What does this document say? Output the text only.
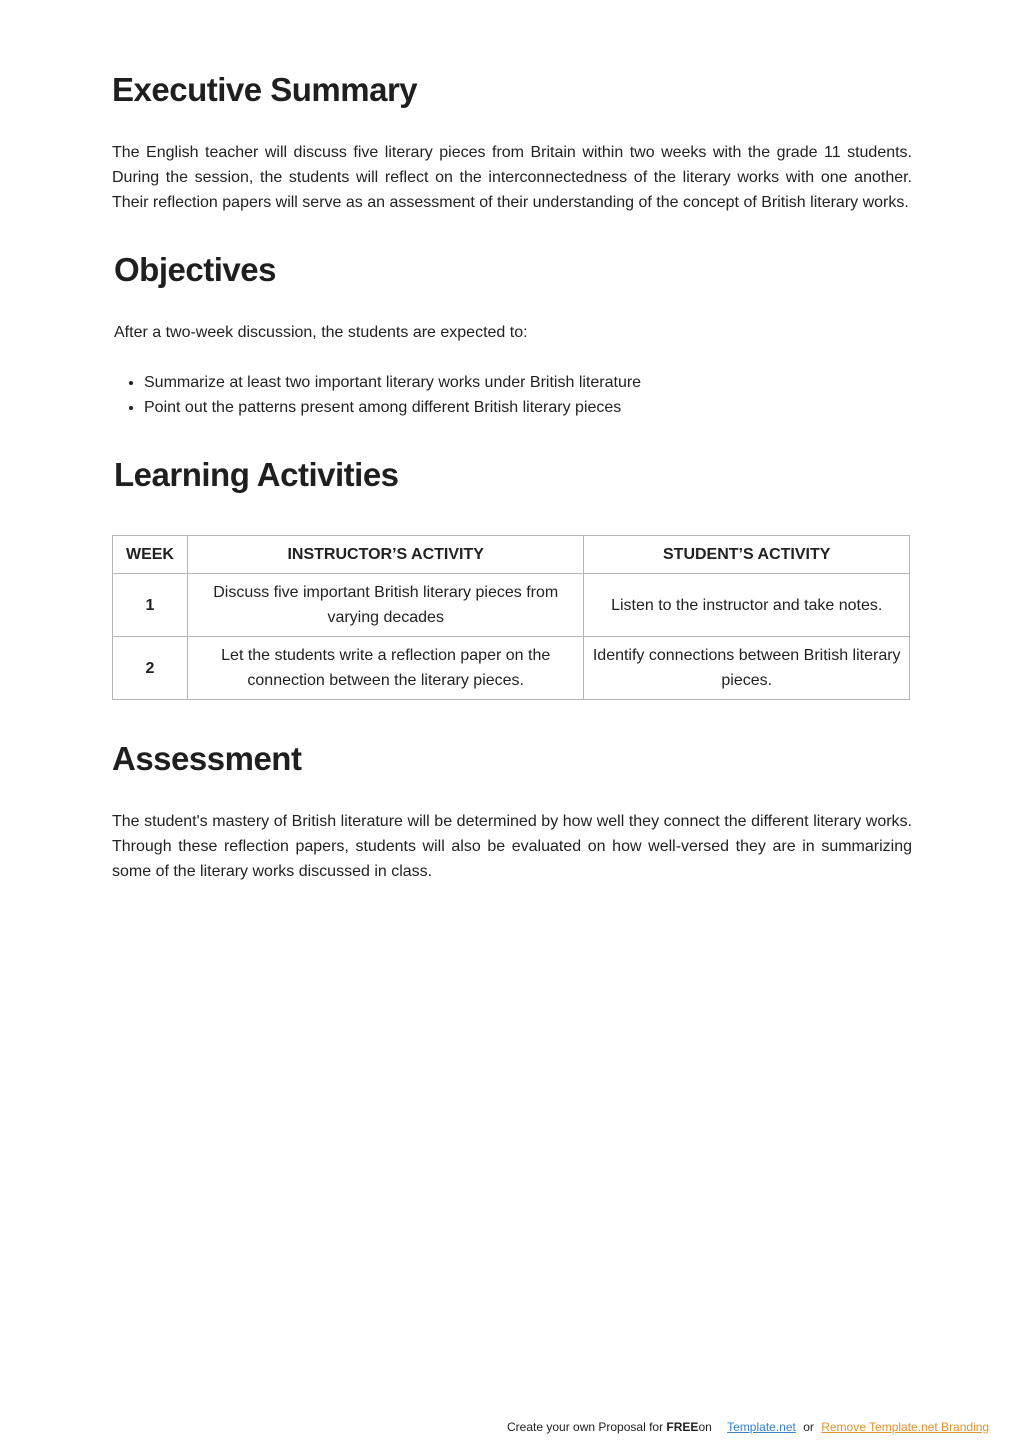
Executive Summary

The English teacher will discuss five literary pieces from Britain within two weeks with the grade 11 students. During the session, the students will reflect on the interconnectedness of the literary works with one another. Their reflection papers will serve as an assessment of their understanding of the concept of British literary works.

Objectives

After a two-week discussion, the students are expected to:

• Summarize at least two important literary works under British literature
• Point out the patterns present among different British literary pieces
Learning Activities
WEEK	INSTRUCTOR’S ACTIVITY	STUDENT’S ACTIVITY
1	Discuss five important British literary pieces from varying decades	Listen to the instructor and take notes.
2	Let the students write a reflection paper on the connection between the literary pieces.	Identify connections between British literary pieces.
Assessment

The student's mastery of British literature will be determined by how well they connect the different literary works. Through these reflection papers, students will also be evaluated on how well-versed they are in summarizing some of the literary works discussed in class.

Create your own Proposal for FREEon Template.net or Remove Template.net Branding
